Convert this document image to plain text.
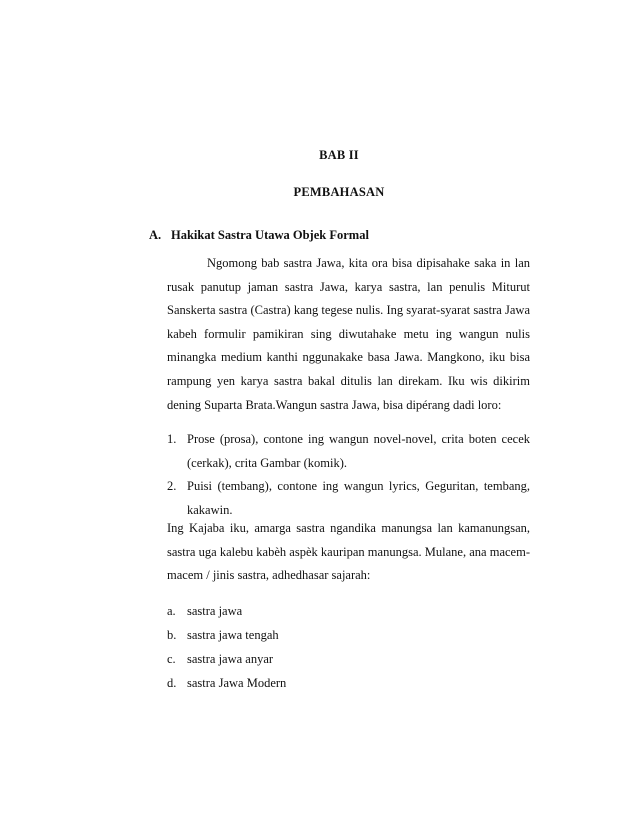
BAB II
PEMBAHASAN
A. Hakikat Sastra Utawa Objek Formal
Ngomong bab sastra Jawa, kita ora bisa dipisahake saka in lan rusak panutup jaman sastra Jawa, karya sastra, lan penulis Miturut Sanskerta sastra (Castra) kang tegese nulis. Ing syarat-syarat sastra Jawa kabeh formulir pamikiran sing diwutahake metu ing wangun nulis minangka medium kanthi nggunakake basa Jawa. Mangkono, iku bisa rampung yen karya sastra bakal ditulis lan direkam. Iku wis dikirim dening Suparta Brata.Wangun sastra Jawa, bisa dipérang dadi loro:
1. Prose (prosa), contone ing wangun novel-novel, crita boten cecek (cerkak), crita Gambar (komik).
2. Puisi (tembang), contone ing wangun lyrics, Geguritan, tembang, kakawin.
Ing Kajaba iku, amarga sastra ngandika manungsa lan kamanungsan, sastra uga kalebu kabèh aspèk kauripan manungsa. Mulane, ana macem-macem / jinis sastra, adhedhasar sajarah:
a. sastra jawa
b. sastra jawa tengah
c. sastra jawa anyar
d. sastra Jawa Modern
